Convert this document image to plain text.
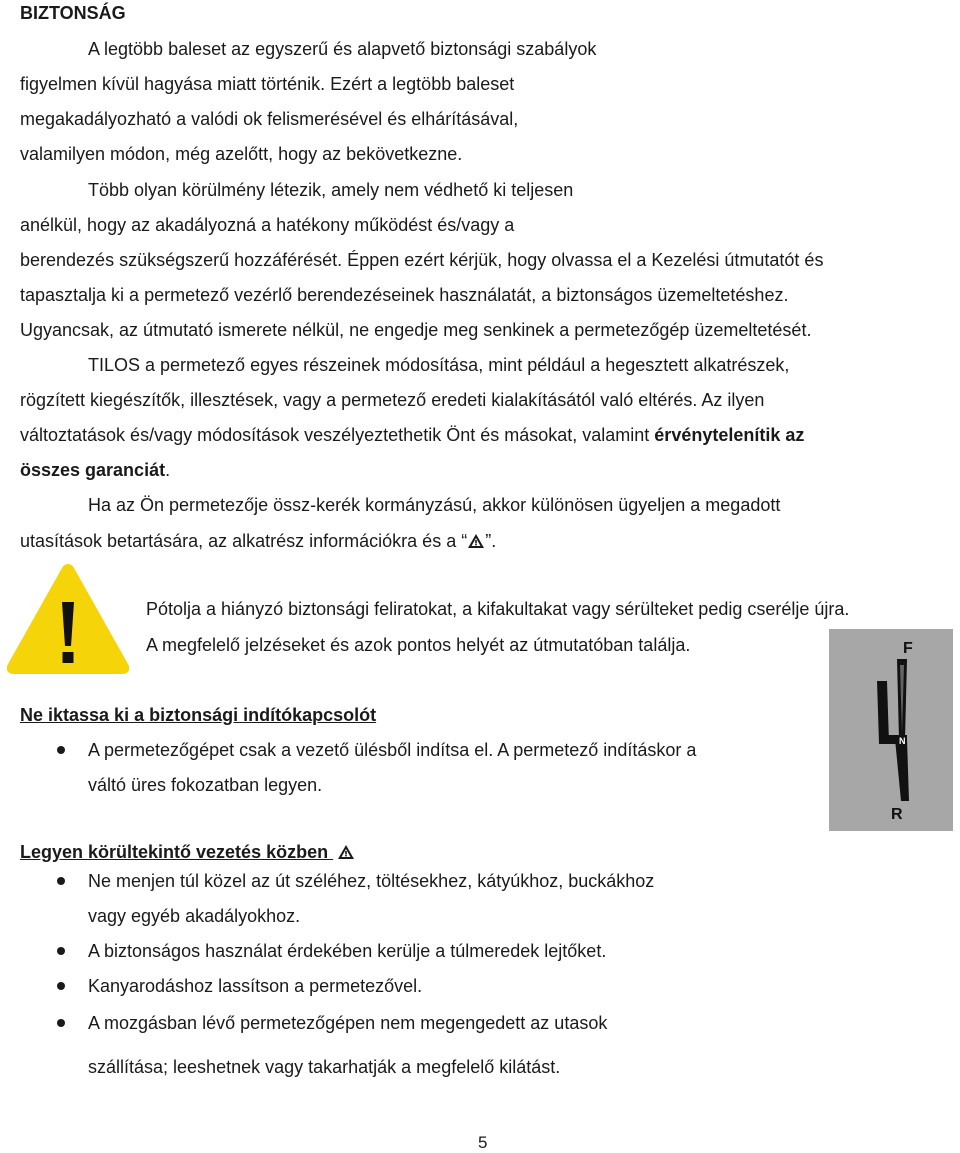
BIZTONSÁG
A legtöbb baleset az egyszerű és alapvető biztonsági szabályok
figyelmen kívül hagyása miatt történik. Ezért a legtöbb baleset
megakadályozható a valódi ok felismerésével és elhárításával,
valamilyen módon, még azelőtt, hogy az bekövetkezne.
Több olyan körülmény létezik, amely nem védhető ki teljesen
anélkül, hogy az akadályozná a hatékony működést és/vagy a
berendezés szükségszerű hozzáférését. Éppen ezért kérjük, hogy olvassa el a Kezelési útmutatót és
tapasztalja ki a permetező vezérlő berendezéseinek használatát, a biztonságos üzemeltetéshez.
Ugyancsak, az útmutató ismerete nélkül, ne engedje meg senkinek a permetezőgép üzemeltetését.
TILOS a permetező egyes részeinek módosítása, mint például a hegesztett alkatrészek,
rögzített kiegészítők, illesztések, vagy a permetező eredeti kialakításától való eltérés. Az ilyen
változtatások és/vagy módosítások veszélyeztethetik Önt és másokat, valamint érvénytelenítik az
összes garanciát.
Ha az Ön permetezője össz-kerék kormányzású, akkor különösen ügyeljen a megadott
utasítások betartására, az alkatrész információkra és a “ ”.
Pótolja a hiányzó biztonsági feliratokat, a kifakultakat vagy sérülteket pedig cserélje újra.
A megfelelő jelzéseket és azok pontos helyét az útmutatóban találja.	F
N
R
Ne iktassa ki a biztonsági indítókapcsolót
A permetezőgépet csak a vezető ülésből indítsa el. A permetező indításkor a
váltó üres fokozatban legyen.
Legyen körültekintő vezetés közben
Ne menjen túl közel az út széléhez, töltésekhez, kátyúkhoz, buckákhoz
vagy egyéb akadályokhoz.
A biztonságos használat érdekében kerülje a túlmeredek lejtőket.
Kanyarodáshoz lassítson a permetezővel.
A mozgásban lévő permetezőgépen nem megengedett az utasok
szállítása; leeshetnek vagy takarhatják a megfelelő kilátást.
5
